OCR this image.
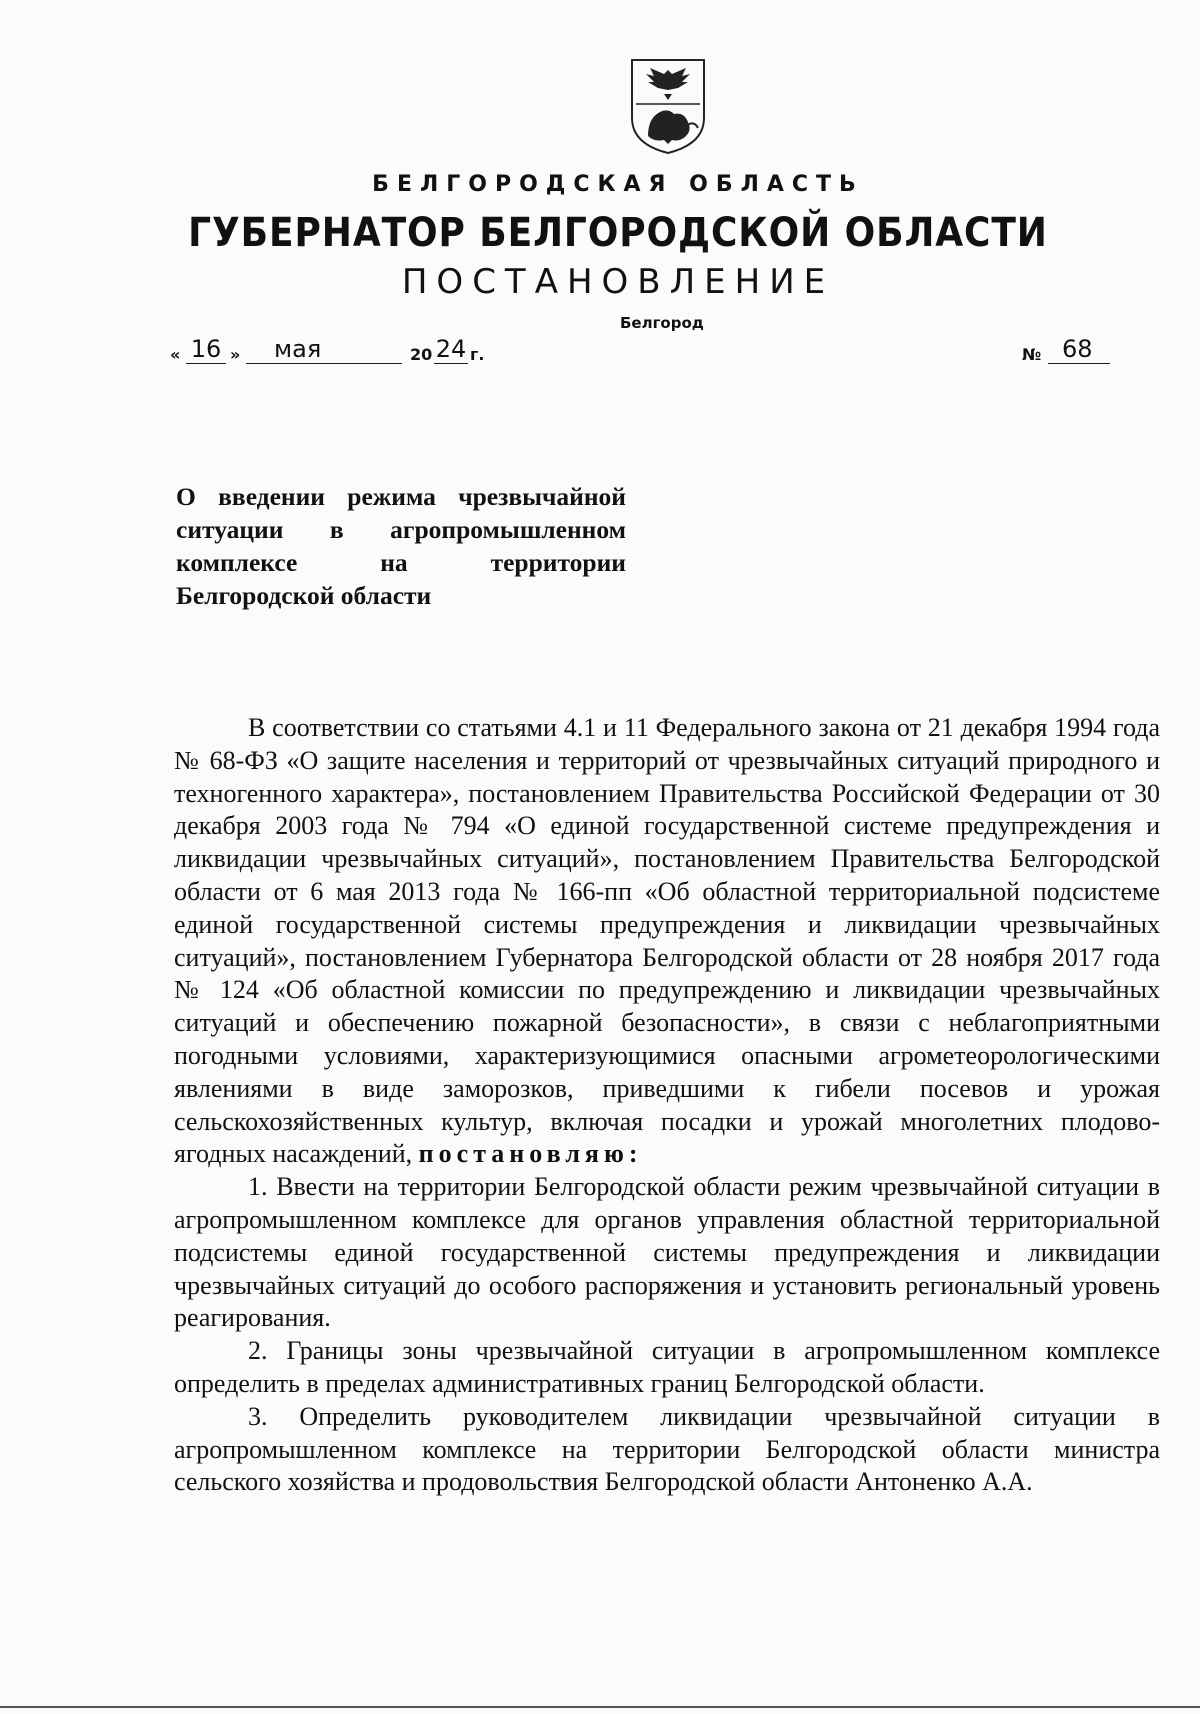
БЕЛГОРОДСКАЯ ОБЛАСТЬ
ГУБЕРНАТОР БЕЛГОРОДСКОЙ ОБЛАСТИ
ПОСТАНОВЛЕНИЕ
Белгород
« 16 »	мая	20 24 г.	№ 68
О введении режима чрезвычайной
ситуации в агропромышленном
комплексе на территории
Белгородской области

В соответствии со статьями 4.1 и 11 Федерального закона от 21 декабря 1994 года № 68-ФЗ «О защите населения и территорий от чрезвычайных ситуаций природного и техногенного характера», постановлением Правительства Российской Федерации от 30 декабря 2003 года № 794 «О единой государственной системе предупреждения и ликвидации чрезвычайных ситуаций», постановлением Правительства Белгородской области от 6 мая 2013 года № 166-пп «Об областной территориальной подсистеме единой государственной системы предупреждения и ликвидации чрезвычайных ситуаций», постановлением Губернатора Белгородской области от 28 ноября 2017 года № 124 «Об областной комиссии по предупреждению и ликвидации чрезвычайных ситуаций и обеспечению пожарной безопасности», в связи с неблагоприятными погодными условиями, характеризующимися опасными агрометеорологическими явлениями в виде заморозков, приведшими к гибели посевов и урожая сельскохозяйственных культур, включая посадки и урожай многолетних плодово-ягодных насаждений, постановляю:

1. Ввести на территории Белгородской области режим чрезвычайной ситуации в агропромышленном комплексе для органов управления областной территориальной подсистемы единой государственной системы предупреждения и ликвидации чрезвычайных ситуаций до особого распоряжения и установить региональный уровень реагирования.

2. Границы зоны чрезвычайной ситуации в агропромышленном комплексе определить в пределах административных границ Белгородской области.

3. Определить руководителем ликвидации чрезвычайной ситуации в агропромышленном комплексе на территории Белгородской области министра сельского хозяйства и продовольствия Белгородской области Антоненко А.А.
